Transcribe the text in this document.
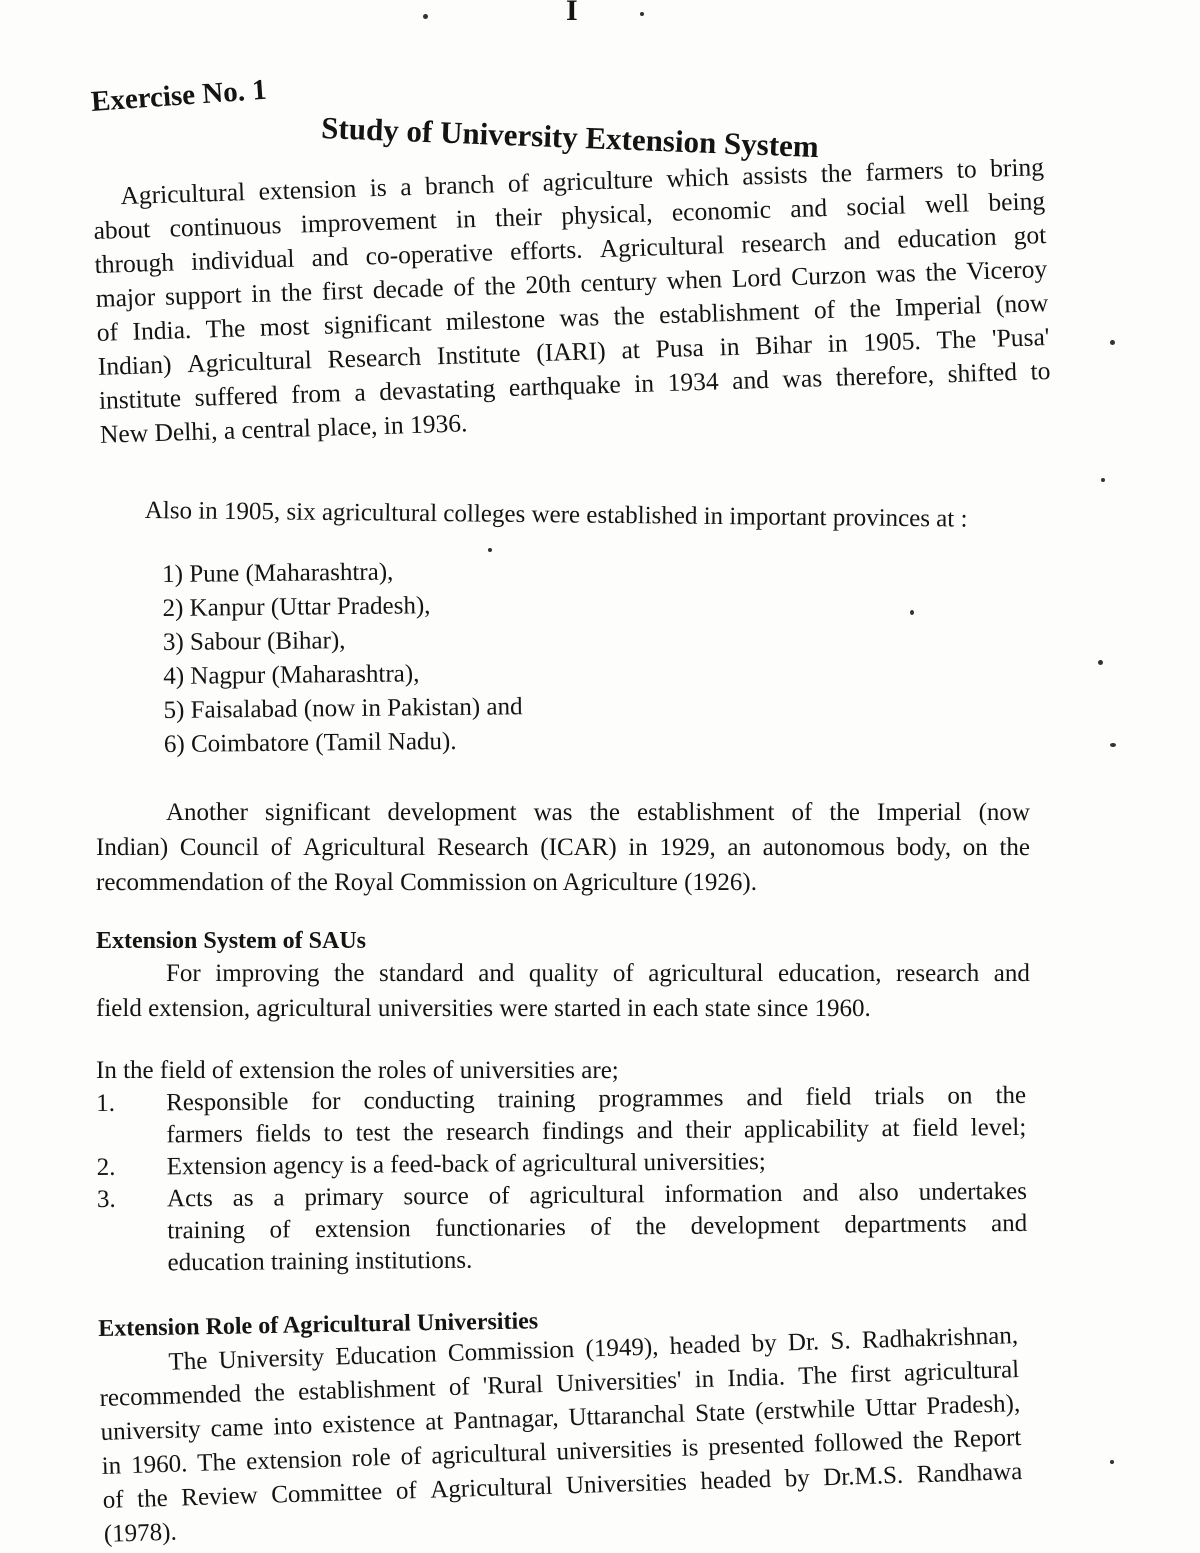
I
Exercise No. 1
Study of University Extension System
Agricultural extension is a branch of agriculture which assists the farmers to bring
about continuous improvement in their physical, economic and social well being
through individual and co-operative efforts. Agricultural research and education got
major support in the first decade of the 20th century when Lord Curzon was the Viceroy
of India. The most significant milestone was the establishment of the Imperial (now
Indian) Agricultural Research Institute (IARI) at Pusa in Bihar in 1905. The 'Pusa'
institute suffered from a devastating earthquake in 1934 and was therefore, shifted to
New Delhi, a central place, in 1936.
Also in 1905, six agricultural colleges were established in important provinces at :
1) Pune (Maharashtra),
2) Kanpur (Uttar Pradesh),
3) Sabour (Bihar),
4) Nagpur (Maharashtra),
5) Faisalabad (now in Pakistan) and
6) Coimbatore (Tamil Nadu).
Another significant development was the establishment of the Imperial (now
Indian) Council of Agricultural Research (ICAR) in 1929, an autonomous body, on the
recommendation of the Royal Commission on Agriculture (1926).
Extension System of SAUs
For improving the standard and quality of agricultural education, research and
field extension, agricultural universities were started in each state since 1960.
In the field of extension the roles of universities are;
1.	Responsible for conducting training programmes and field trials on the
farmers fields to test the research findings and their applicability at field level;
2.	Extension agency is a feed-back of agricultural universities;
3.	Acts as a primary source of agricultural information and also undertakes
training of extension functionaries of the development departments and
education training institutions.
Extension Role of Agricultural Universities
The University Education Commission (1949), headed by Dr. S. Radhakrishnan,
recommended the establishment of 'Rural Universities' in India. The first agricultural
university came into existence at Pantnagar, Uttaranchal State (erstwhile Uttar Pradesh),
in 1960. The extension role of agricultural universities is presented followed the Report
of the Review Committee of Agricultural Universities headed by Dr.M.S. Randhawa
(1978).
